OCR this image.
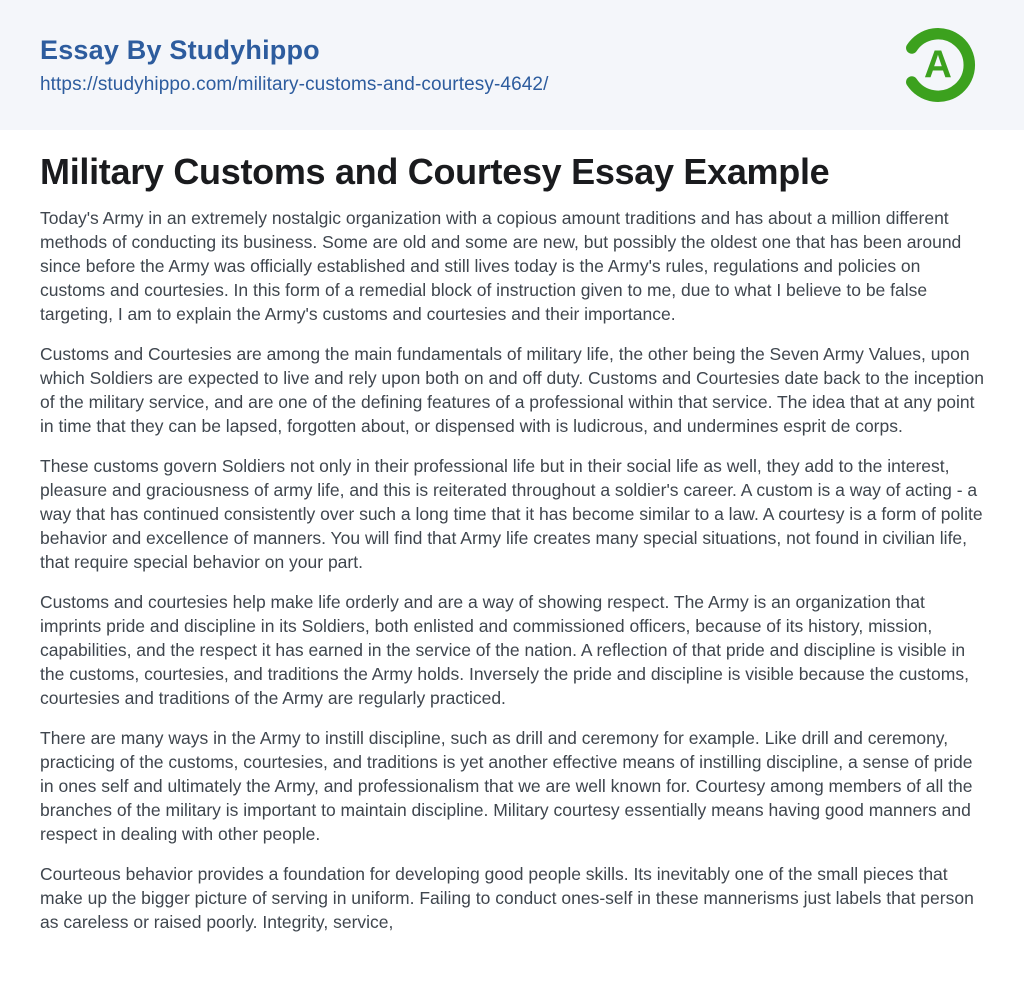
Essay By Studyhippo
https://studyhippo.com/military-customs-and-courtesy-4642/	A
Military Customs and Courtesy Essay Example

Today's Army in an extremely nostalgic organization with a copious amount traditions and has about a million different methods of conducting its business. Some are old and some are new, but possibly the oldest one that has been around since before the Army was officially established and still lives today is the Army's rules, regulations and policies on customs and courtesies. In this form of a remedial block of instruction given to me, due to what I believe to be false targeting, I am to explain the Army's customs and courtesies and their importance.

Customs and Courtesies are among the main fundamentals of military life, the other being the Seven Army Values, upon which Soldiers are expected to live and rely upon both on and off duty. Customs and Courtesies date back to the inception of the military service, and are one of the defining features of a professional within that service. The idea that at any point in time that they can be lapsed, forgotten about, or dispensed with is ludicrous, and undermines esprit de corps.

These customs govern Soldiers not only in their professional life but in their social life as well, they add to the interest, pleasure and graciousness of army life, and this is reiterated throughout a soldier's career. A custom is a way of acting - a way that has continued consistently over such a long time that it has become similar to a law. A courtesy is a form of polite behavior and excellence of manners. You will find that Army life creates many special situations, not found in civilian life, that require special behavior on your part.

Customs and courtesies help make life orderly and are a way of showing respect. The Army is an organization that imprints pride and discipline in its Soldiers, both enlisted and commissioned officers, because of its history, mission, capabilities, and the respect it has earned in the service of the nation. A reflection of that pride and discipline is visible in the customs, courtesies, and traditions the Army holds. Inversely the pride and discipline is visible because the customs, courtesies and traditions of the Army are regularly practiced.

There are many ways in the Army to instill discipline, such as drill and ceremony for example. Like drill and ceremony, practicing of the customs, courtesies, and traditions is yet another effective means of instilling discipline, a sense of pride in ones self and ultimately the Army, and professionalism that we are well known for. Courtesy among members of all the branches of the military is important to maintain discipline. Military courtesy essentially means having good manners and respect in dealing with other people.

Courteous behavior provides a foundation for developing good people skills. Its inevitably one of the small pieces that make up the bigger picture of serving in uniform. Failing to conduct ones-self in these mannerisms just labels that person as careless or raised poorly. Integrity, service,
